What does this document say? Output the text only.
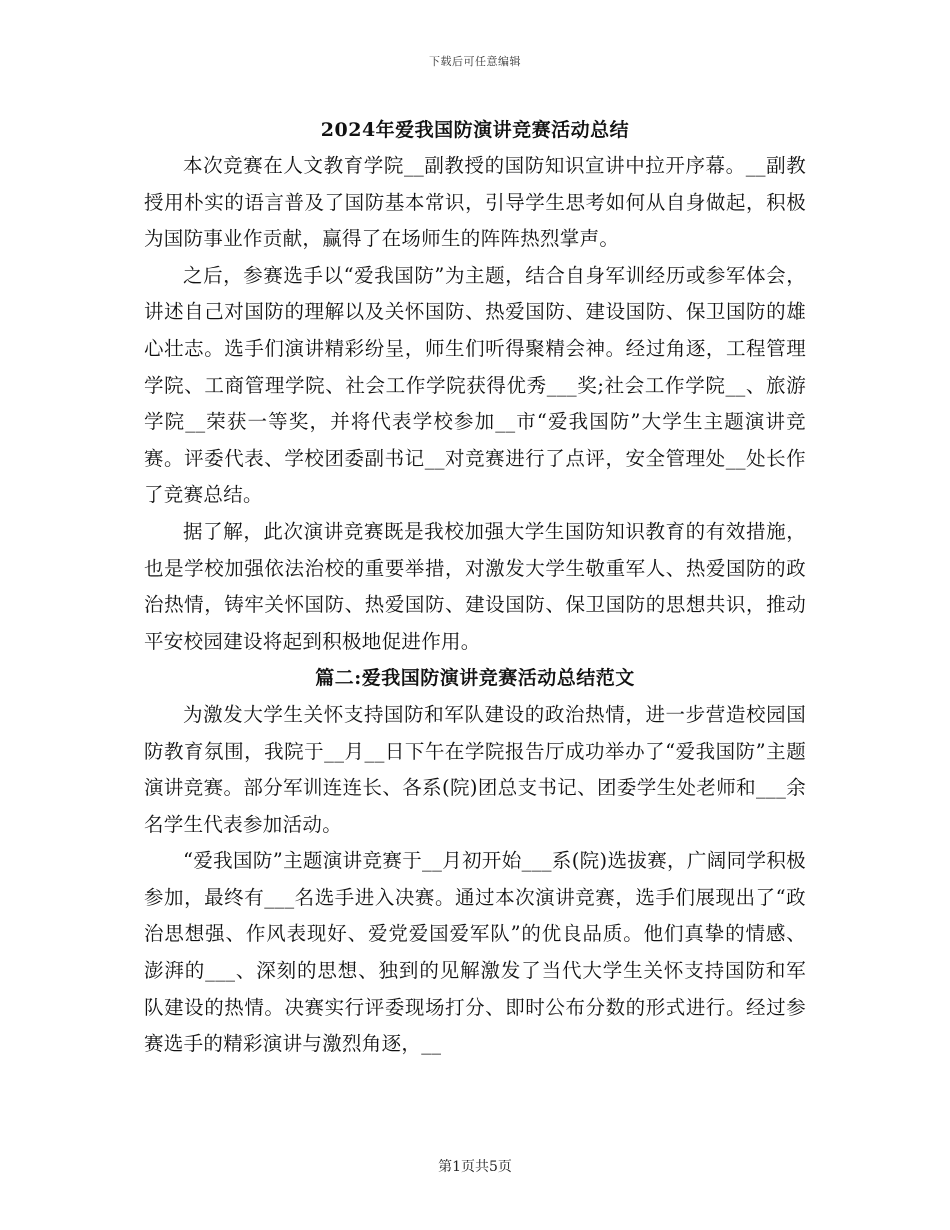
下载后可任意编辑
2024年爱我国防演讲竞赛活动总结

本次竞赛在人文教育学院__副教授的国防知识宣讲中拉开序幕。__副教授用朴实的语言普及了国防基本常识，引导学生思考如何从自身做起，积极为国防事业作贡献，赢得了在场师生的阵阵热烈掌声。

之后，参赛选手以“爱我国防”为主题，结合自身军训经历或参军体会，讲述自己对国防的理解以及关怀国防、热爱国防、建设国防、保卫国防的雄心壮志。选手们演讲精彩纷呈，师生们听得聚精会神。经过角逐，工程管理学院、工商管理学院、社会工作学院获得优秀___奖;社会工作学院__、旅游学院__荣获一等奖，并将代表学校参加__市“爱我国防”大学生主题演讲竞赛。评委代表、学校团委副书记__对竞赛进行了点评，安全管理处__处长作了竞赛总结。

据了解，此次演讲竞赛既是我校加强大学生国防知识教育的有效措施，也是学校加强依法治校的重要举措，对激发大学生敬重军人、热爱国防的政治热情，铸牢关怀国防、热爱国防、建设国防、保卫国防的思想共识，推动平安校园建设将起到积极地促进作用。

篇二:爱我国防演讲竞赛活动总结范文

为激发大学生关怀支持国防和军队建设的政治热情，进一步营造校园国防教育氛围，我院于__月__日下午在学院报告厅成功举办了“爱我国防”主题演讲竞赛。部分军训连连长、各系(院)团总支书记、团委学生处老师和___余名学生代表参加活动。

“爱我国防”主题演讲竞赛于__月初开始___系(院)选拔赛，广阔同学积极参加，最终有___名选手进入决赛。通过本次演讲竞赛，选手们展现出了“政治思想强、作风表现好、爱党爱国爱军队”的优良品质。他们真挚的情感、澎湃的___、深刻的思想、独到的见解激发了当代大学生关怀支持国防和军队建设的热情。决赛实行评委现场打分、即时公布分数的形式进行。经过参赛选手的精彩演讲与激烈角逐，__

第1页共5页
